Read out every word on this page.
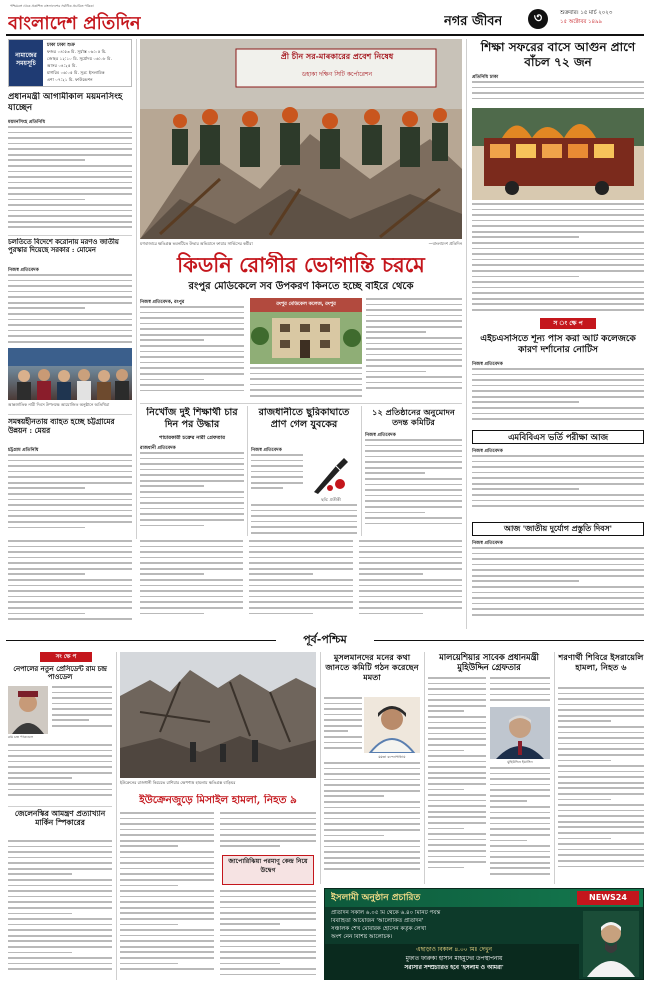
পশ্চিমবঙ্গ থেকে প্রকাশিত বাংলাদেশের সর্বাধিক প্রচারিত পত্রিকা
বাংলাদেশ প্রতিদিন	নগর জীবন	৩	শুক্রবার। ১৫ মার্চ ২০২৩
১৫ অক্টোবর ১৪৯৯
নামাজের সময়সূচি
ঢাকা ঢাকা শুক্র
ফজর ০৪:৫৩ মি. সূর্যাস্ত ০৬:০৫ মি.
জোহর ১২:১০ মি. সূর্যোদয় ০৬:০৮ মি.
আসর ০৪:২৫ মি.
মাগরিব ০৬:০৫ মি. সূত্র: ইসলামিক
এশা ০৭:২১ মি. ফাউন্ডেশন
প্রধানমন্ত্রী আগামীকাল ময়মনসিংহ যাচ্ছেন
ময়মনসিংহ প্রতিনিধি
চলতিতে বিদেশে করোনায় মরণও জাতীয় পুরস্কার দিয়েছে সরকার : মোমেন
নিজস্ব প্রতিবেদক
আন্তর্জাতিক নারী দিবস উপলক্ষে আয়োজিত অনুষ্ঠানে অতিথিরা
সমন্বয়হীনতায় ব্যাহত হচ্ছে চট্টগ্রামের উন্নয়ন : মেয়র
চট্টগ্রাম প্রতিনিধি
প্রী চীন সর-মাৰকারের প্রবেশ নিষেধ
ডহাকা দক্ষিণ সিটি কর্পোরেশন
মগবাজারে ক্ষতিগ্রস্ত ভবনটিতে উদ্ধার অভিযানে ফায়ার সার্ভিসের কর্মীরা	—বাংলাদেশ প্রতিদিন
শিক্ষা সফরের বাসে আগুন প্রাণে বাঁচল ৭২ জন
প্রতিনিধি ঢাকা
কিডনি রোগীর ভোগান্তি চরমে
রংপুর মেডিকেলে সব উপকরণ কিনতে হচ্ছে বাইরে থেকে
নিজস্ব প্রতিবেদক, রংপুর	রংপুর মেডিকেল কলেজ, রংপুর
নিখোঁজ দুই শিক্ষার্থী চার দিন পর উদ্ধার
পাচারকারী চক্রের নারী গ্রেফতার
রাজধানী প্রতিবেদক
রাজধানীতে ছুরিকাঘাতে প্রাণ গেল যুবকের
নিজস্ব প্রতিবেদক
ছবি: প্রতীকী
১২ প্রতিষ্ঠানের অনুমোদন তদন্ত কমিটির
নিজস্ব প্রতিবেদক
স ং ক্ষে প
এইচএসসিতে শূন্য পাস করা আট কলেজকে কারণ দর্শানোর নোটিস
নিজস্ব প্রতিবেদক
এমবিবিএস ভর্তি পরীক্ষা আজ
নিজস্ব প্রতিবেদক
আজ 'জাতীয় দুর্যোগ প্রস্তুতি দিবস'
নিজস্ব প্রতিবেদক
পূর্ব-পশ্চিম
সং ক্ষে প
নেপালের নতুন প্রেসিডেন্ট রাম চন্দ্র পাওডেল
রাম চন্দ্র পাওডেল
জেলেনস্কির আমন্ত্রণ প্রত্যাখ্যান মার্কিন স্পিকারের
ইউক্রেনের রাজধানী কিয়েভে রাশিয়ার ক্ষেপণাস্ত্র হামলায় ক্ষতিগ্রস্ত বাড়িঘর
ইউক্রেনজুড়ে মিসাইল হামলা, নিহত ৯
জাপোরিঝিয়া পরমাণু কেন্দ্র নিয়ে উদ্বেগ
মুসলমানদের মনের কথা জানতে কমিটি গঠন করেছেন মমতা
মমতা বন্দ্যোপাধ্যায়
মালয়েশিয়ার সাবেক প্রধানমন্ত্রী মুহিউদ্দিন গ্রেফতার
মুহিউদ্দিন ইয়াসিন
শরণার্থী শিবিরে ইসরায়েলি হামলা, নিহত ৬
ইসলামী অনুষ্ঠান প্রচারিত	NEWS24
প্রতিদিন সকাল ৬.০৫ মি থেকে ৬.৪০ মিনিট পর্যন্ত
বিবাহিতা আয়োজন 'আলোকিত প্রতিদিন'
সঞ্চালক শেখ মোবারক হোসেন কর্তৃক লেখা
অংশ নেন বিশিষ্ট আলোচক।
এছাড়াও বিকাল ৪.০০ মিঃ দেখুন
মুফতি ফারুকী হাসান মাহমুদের উপস্থাপনায়
সরাসরি সম্প্রচারিত হবে 'ইসলাম ও আমরা'
